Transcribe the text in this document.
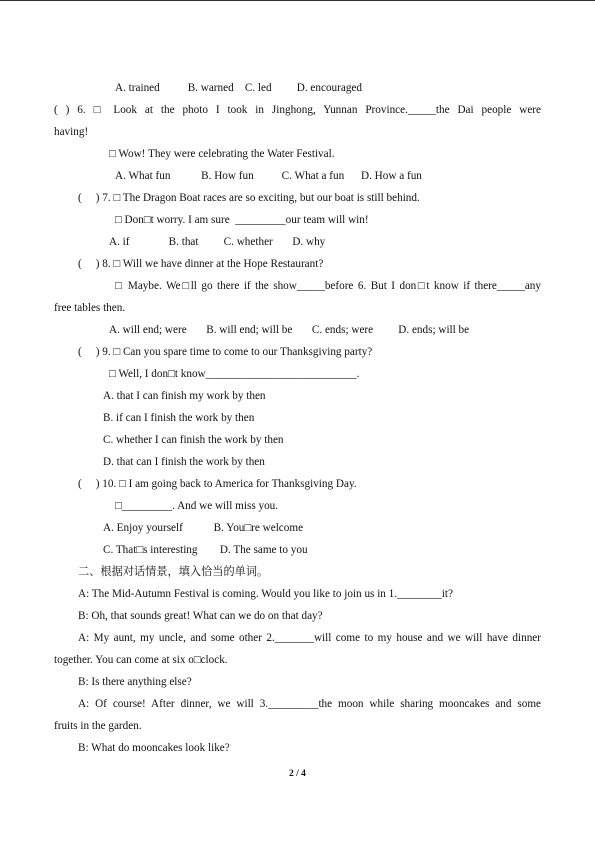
A. trained          B. warned    C. led         D. encouraged
( ) 6. □ Look at the photo I took in Jinghong, Yunnan Province._____the Dai people were
having!
□ Wow! They were celebrating the Water Festival.
A. What fun           B. How fun          C. What a fun      D. How a fun
(     ) 7. □ The Dragon Boat races are so exciting, but our boat is still behind.
□ Don□t worry. I am sure  _________our team will win!
A. if              B. that         C. whether       D. why
(     ) 8. □ Will we have dinner at the Hope Restaurant?
□ Maybe. We□ll go there if the show_____before 6. But I don□t know if there_____any
free tables then.
A. will end; were       B. will end; will be       C. ends; were         D. ends; will be
(     ) 9. □ Can you spare time to come to our Thanksgiving party?
□ Well, I don□t know___________________________.
A. that I can finish my work by then
B. if can I finish the work by then
C. whether I can finish the work by then
D. that can I finish the work by then
(     ) 10. □ I am going back to America for Thanksgiving Day.
□_________. And we will miss you.
A. Enjoy yourself           B. You□re welcome
C. That□s interesting        D. The same to you
二、根据对话情景，填入恰当的单词。
A: The Mid-Autumn Festival is coming. Would you like to join us in 1.________it?
B: Oh, that sounds great! What can we do on that day?
A: My aunt, my uncle, and some other 2._______will come to my house and we will have dinner
together. You can come at six o□clock.
B: Is there anything else?
A: Of course! After dinner, we will 3._________the moon while sharing mooncakes and some
fruits in the garden.
B: What do mooncakes look like?
2 / 4
